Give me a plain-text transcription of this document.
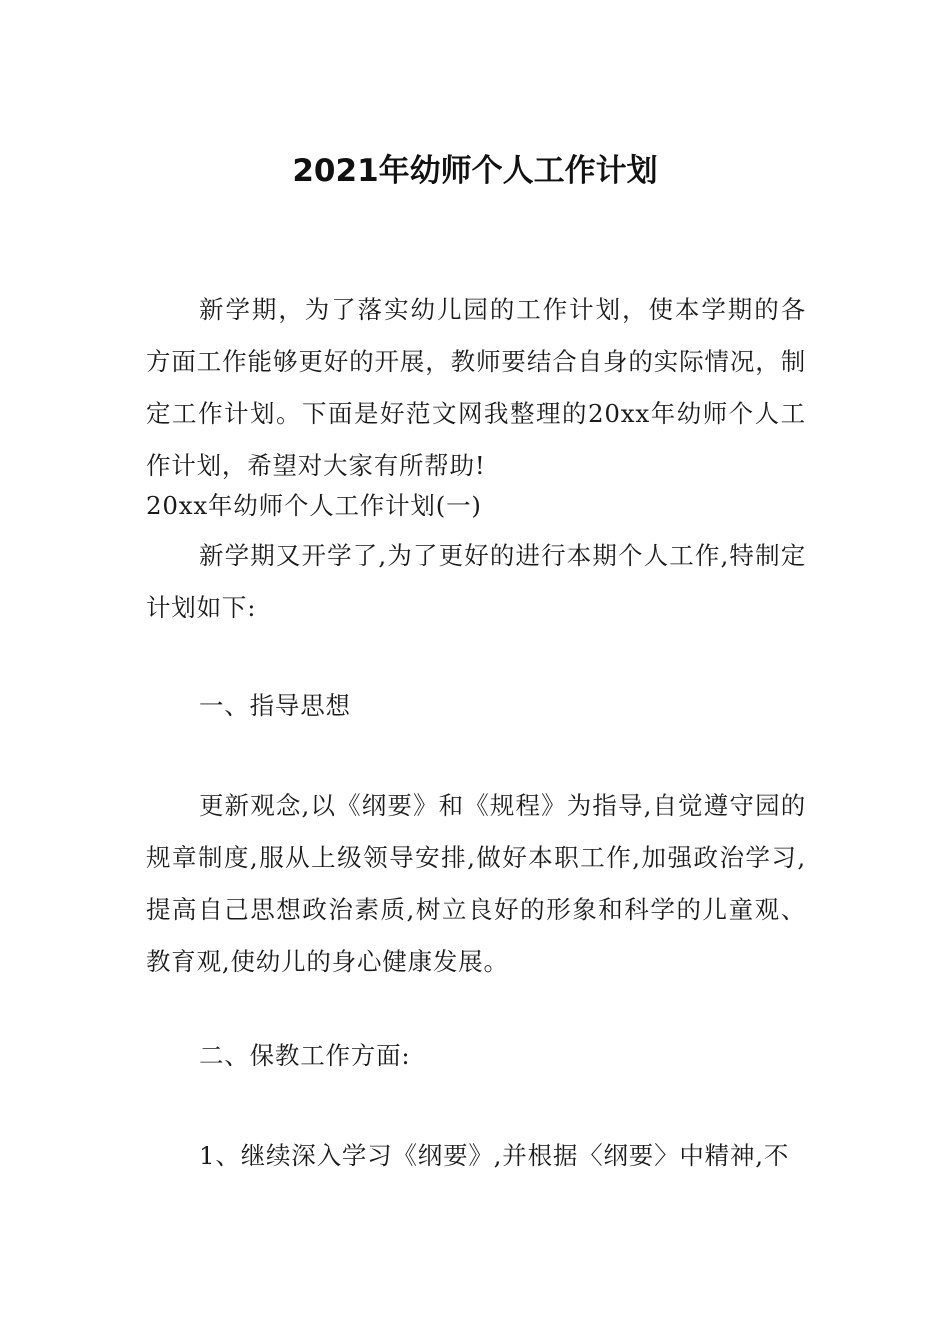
2021年幼师个人工作计划

新学期，为了落实幼儿园的工作计划，使本学期的各方面工作能够更好的开展，教师要结合自身的实际情况，制定工作计划。下面是好范文网我整理的20xx年幼师个人工作计划，希望对大家有所帮助!

20xx年幼师个人工作计划(一)

新学期又开学了,为了更好的进行本期个人工作,特制定计划如下:

一、指导思想

更新观念,以《纲要》和《规程》为指导,自觉遵守园的规章制度,服从上级领导安排,做好本职工作,加强政治学习,提高自己思想政治素质,树立良好的形象和科学的儿童观、教育观,使幼儿的身心健康发展。

二、保教工作方面:

1、继续深入学习《纲要》,并根据〈纲要〉中精神,不
